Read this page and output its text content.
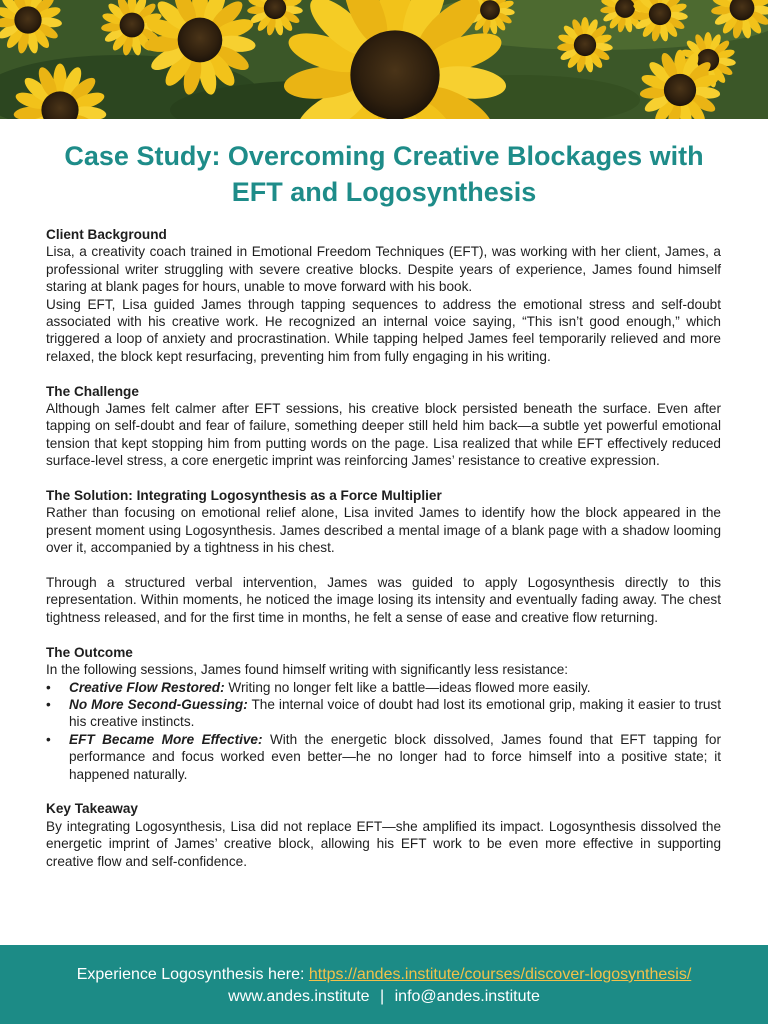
Case Study: Overcoming Creative Blockages with EFT and Logosynthesis
Client Background

Lisa, a creativity coach trained in Emotional Freedom Techniques (EFT), was working with her client, James, a professional writer struggling with severe creative blocks. Despite years of experience, James found himself staring at blank pages for hours, unable to move forward with his book.

Using EFT, Lisa guided James through tapping sequences to address the emotional stress and self-doubt associated with his creative work. He recognized an internal voice saying, “This isn’t good enough,” which triggered a loop of anxiety and procrastination. While tapping helped James feel temporarily relieved and more relaxed, the block kept resurfacing, preventing him from fully engaging in his writing.

The Challenge

Although James felt calmer after EFT sessions, his creative block persisted beneath the surface. Even after tapping on self-doubt and fear of failure, something deeper still held him back—a subtle yet powerful emotional tension that kept stopping him from putting words on the page. Lisa realized that while EFT effectively reduced surface-level stress, a core energetic imprint was reinforcing James’ resistance to creative expression.

The Solution: Integrating Logosynthesis as a Force Multiplier

Rather than focusing on emotional relief alone, Lisa invited James to identify how the block appeared in the present moment using Logosynthesis. James described a mental image of a blank page with a shadow looming over it, accompanied by a tightness in his chest.

Through a structured verbal intervention, James was guided to apply Logosynthesis directly to this representation. Within moments, he noticed the image losing its intensity and eventually fading away. The chest tightness released, and for the first time in months, he felt a sense of ease and creative flow returning.

The Outcome

In the following sessions, James found himself writing with significantly less resistance:

• Creative Flow Restored: Writing no longer felt like a battle—ideas flowed more easily.
• No More Second-Guessing: The internal voice of doubt had lost its emotional grip, making it easier to trust his creative instincts.
• EFT Became More Effective: With the energetic block dissolved, James found that EFT tapping for performance and focus worked even better—he no longer had to force himself into a positive state; it happened naturally.
Key Takeaway

By integrating Logosynthesis, Lisa did not replace EFT—she amplified its impact. Logosynthesis dissolved the energetic imprint of James’ creative block, allowing his EFT work to be even more effective in supporting creative flow and self-confidence.

Experience Logosynthesis here: https://andes.institute/courses/discover-logosynthesis/
www.andes.institute | info@andes.institute
